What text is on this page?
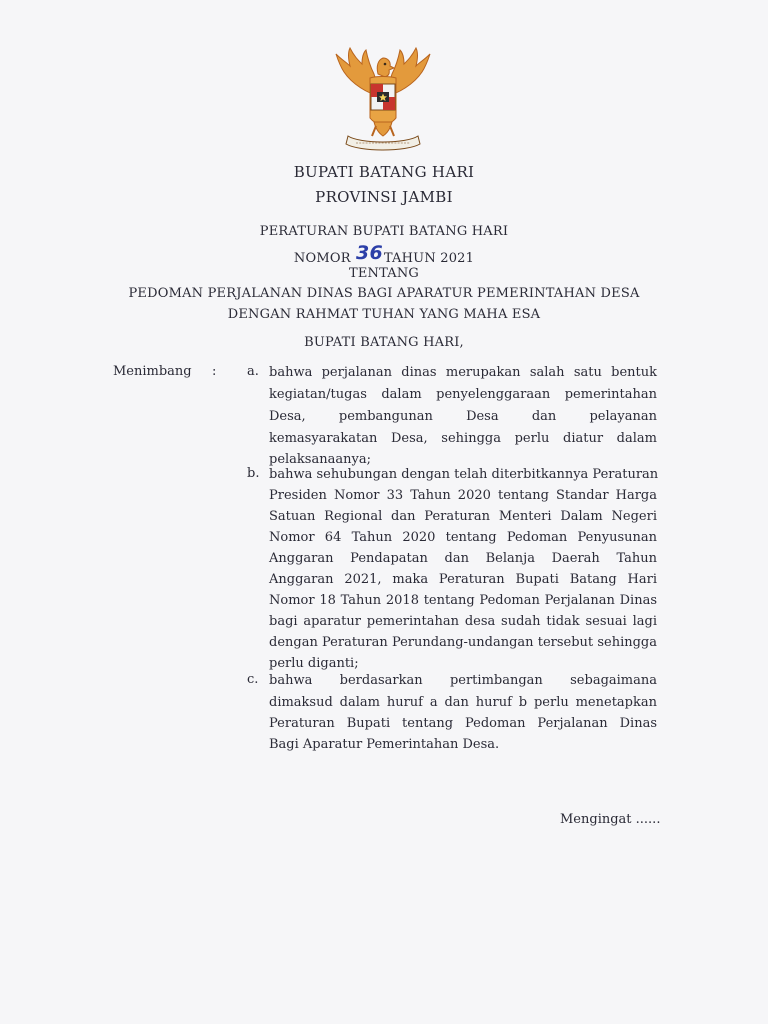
BUPATI BATANG HARI
PROVINSI JAMBI
PERATURAN BUPATI BATANG HARI
NOMOR 36TAHUN 2021
TENTANG
PEDOMAN PERJALANAN DINAS BAGI APARATUR PEMERINTAHAN DESA
DENGAN RAHMAT TUHAN YANG MAHA ESA
BUPATI BATANG HARI,
Menimbang : a. bahwa perjalanan dinas merupakan salah satu bentuk
kegiatan/tugas dalam penyelenggaraan pemerintahan
Desa, pembangunan Desa dan pelayanan
kemasyarakatan Desa, sehingga perlu diatur dalam
pelaksanaanya;
b. bahwa sehubungan dengan telah diterbitkannya Peraturan
Presiden Nomor 33 Tahun 2020 tentang Standar Harga
Satuan Regional dan Peraturan Menteri Dalam Negeri
Nomor 64 Tahun 2020 tentang Pedoman Penyusunan
Anggaran Pendapatan dan Belanja Daerah Tahun
Anggaran 2021, maka Peraturan Bupati Batang Hari
Nomor 18 Tahun 2018 tentang Pedoman Perjalanan Dinas
bagi aparatur pemerintahan desa sudah tidak sesuai lagi
dengan Peraturan Perundang-undangan tersebut sehingga
perlu diganti;
c. bahwa berdasarkan pertimbangan sebagaimana
dimaksud dalam huruf a dan huruf b perlu menetapkan
Peraturan Bupati tentang Pedoman Perjalanan Dinas
Bagi Aparatur Pemerintahan Desa.
Mengingat ......
